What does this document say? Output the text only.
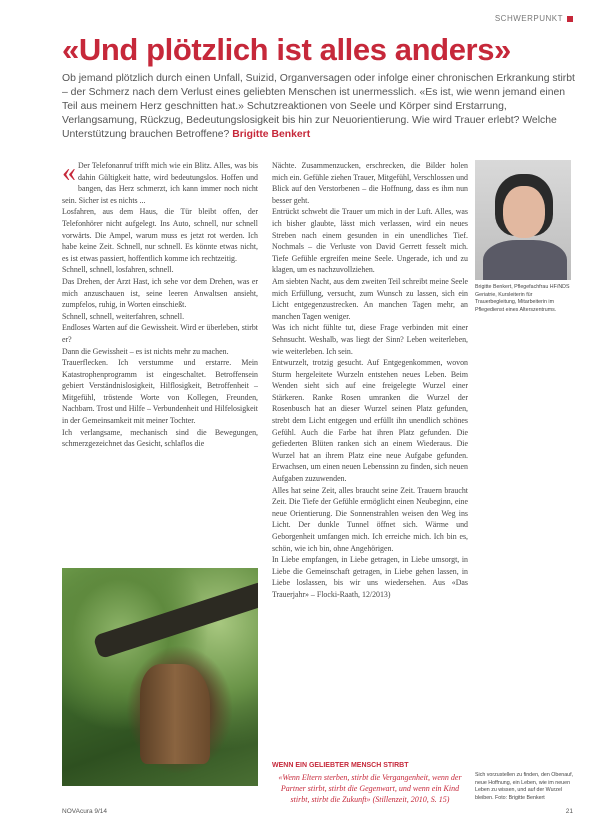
SCHWERPUNKT
«Und plötzlich ist alles anders»
Ob jemand plötzlich durch einen Unfall, Suizid, Organversagen oder infolge einer chronischen Erkrankung stirbt – der Schmerz nach dem Verlust eines geliebten Menschen ist unermesslich. «Es ist, wie wenn jemand einen Teil aus meinem Herz geschnitten hat.» Schutzreaktionen von Seele und Körper sind Erstarrung, Verlangsamung, Rückzug, Bedeutungslosigkeit bis hin zur Neuorientierung. Wie wird Trauer erlebt? Welche Unterstützung brauchen Betroffene? Brigitte Benkert
« Der Telefonanruf trifft mich wie ein Blitz. Alles, was bis dahin Gültigkeit hatte, wird bedeutungslos. Hoffen und bangen, das Herz schmerzt, ich kann immer noch nicht sein. Sicher ist es nichts ...

Losfahren, aus dem Haus, die Tür bleibt offen, der Telefonhörer nicht aufgelegt. Ins Auto, schnell, nur schnell vorwärts. Die Ampel, warum muss es jetzt rot werden. Ich habe keine Zeit. Schnell, nur schnell. Es könnte etwas nicht, es ist etwas passiert, hoffentlich komme ich rechtzeitig.

Schnell, schnell, losfahren, schnell.

Das Drehen, der Arzt Hast, ich sehe vor dem Drehen, was er mich anzuschauen ist, seine leeren Anwaltsen ansieht, zumpfelos, ruhig, in Worten einschießt.

Schnell, schnell, weiterfahren, schnell.

Endloses Warten auf die Gewissheit. Wird er überleben, stirbt er?

Dann die Gewissheit – es ist nichts mehr zu machen.

Trauerflecken. Ich verstumme und erstarre. Mein Katastrophenprogramm ist eingeschaltet. Betroffensein gebiert Verständnislosigkeit, Hilflosigkeit, Betroffenheit – Mitgefühl, tröstende Worte von Kollegen, Freunden, Nachbarn. Trost und Hilfe – Verbundenheit und Hilfelosigkeit in der Gemeinsamkeit mit meiner Tochter.

Ich verlangsame, mechanisch sind die Bewegungen, schmerzgezeichnet das Gesicht, schlaflos die

Nächte. Zusammenzucken, erschrecken, die Bilder holen mich ein. Gefühle ziehen Trauer, Mitgefühl, Verschlossen und Blick auf den Verstorbenen – die Hoffnung, dass es ihm nun besser geht.

Entrückt schwebt die Trauer um mich in der Luft. Alles, was ich bisher glaubte, lässt mich verlassen, wird ein neues Streben nach einem gesunden in ein unendliches Tief. Nochmals – die Verluste von David Gerrett fesselt mich. Tiefe Gefühle ergreifen meine Seele. Ungerade, ich und zu klagen, um es nachzuvollziehen.

Am siebten Nacht, aus dem zweiten Teil schreibt meine Seele mich Erfüllung, versucht, zum Wunsch zu lassen, sich ein Licht entgegenzustrecken. An manchen Tagen mehr, an manchen Tagen weniger.

Was ich nicht fühlte tut, diese Frage verbinden mit einer Sehnsucht. Weshalb, was liegt der Sinn? Leben weiterleben, wie weiterleben. Ich sein.

Entwurzelt, trotzig gesucht. Auf Entgegenkommen, wovon Sturm hergeleitete Wurzeln entstehen neues Leben. Beim Wenden sieht sich auf eine freigelegte Wurzel einer Stärkeren. Ranke Rosen umranken die Wurzel der Rosenbusch hat an dieser Wurzel seinen Platz gefunden, strebt dem Licht entgegen und erfüllt ihn unendlich schönes Gefühl. Auch die Farbe hat ihren Platz gefunden. Die gefiederten Blüten ranken sich an einem Wiederaus. Die Wurzel hat an ihrem Platz eine neue Aufgabe gefunden. Erwachsen, um einen neuen Lebenssinn zu finden, sich neuen Aufgaben zuzuwenden.

Alles hat seine Zeit, alles braucht seine Zeit. Trauern braucht Zeit. Die Tiefe der Gefühle ermöglicht einen Neubeginn, eine neue Orientierung. Die Sonnenstrahlen weisen den Weg ins Licht. Der dunkle Tunnel öffnet sich. Wärme und Geborgenheit umfangen mich. Ich erreiche mich. Ich bin es, schön, wie ich bin, ohne Angehörigen.

In Liebe empfangen, in Liebe getragen, in Liebe umsorgt, in Liebe die Gemeinschaft getragen, in Liebe gehen lassen, in Liebe loslassen, bis wir uns wiedersehen. Aus «Das Trauerjahr» – Flocki-Raath, 12/2013)

Brigitte Benkert, Pflegefachfrau HF/NDS Geriatrie, Kursleiterin für Trauerbegleitung, Mitarbeiterin im Pflegedienst eines Alterszentrums.
WENN EIN GELIEBTER MENSCH STIRBT
«Wenn Eltern sterben, stirbt die Vergangenheit, wenn der Partner stirbt, stirbt die Gegenwart, und wenn ein Kind stirbt, stirbt die Zukunft» (Stillenzeit, 2010, S. 15)
Sich vorzustellen zu finden, den Obenauf, neue Hoffnung, ein Leben, wie im neuen Leben zu wissen, und auf der Wurzel bleiben. Foto: Brigitte Benkert
NOVAcura 9/14	21
